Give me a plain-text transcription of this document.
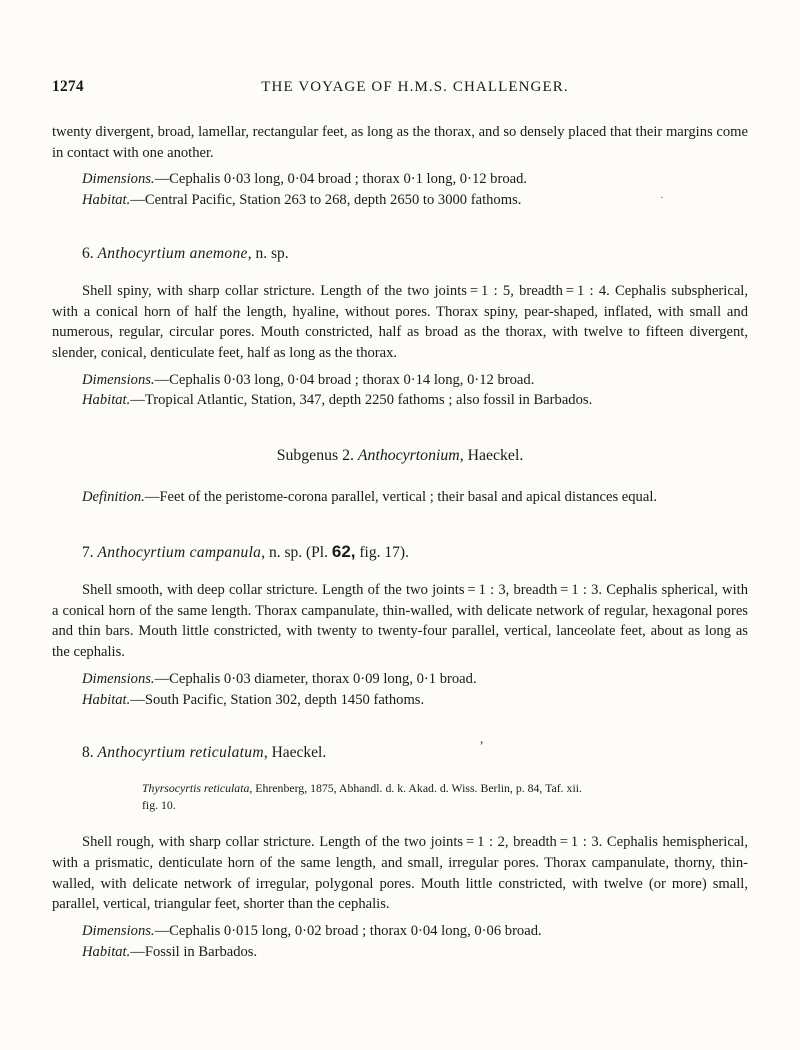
1274	THE VOYAGE OF H.M.S. CHALLENGER.

twenty divergent, broad, lamellar, rectangular feet, as long as the thorax, and so densely placed that their margins come in contact with one another.

Dimensions.—Cephalis 0·03 long, 0·04 broad ; thorax 0·1 long, 0·12 broad.

Habitat.—Central Pacific, Station 263 to 268, depth 2650 to 3000 fathoms.	·
6. Anthocyrtium anemone, n. sp.

Shell spiny, with sharp collar stricture. Length of the two joints = 1 : 5, breadth = 1 : 4. Cephalis subspherical, with a conical horn of half the length, hyaline, without pores. Thorax spiny, pear-shaped, inflated, with small and numerous, regular, circular pores. Mouth constricted, half as broad as the thorax, with twelve to fifteen divergent, slender, conical, denticulate feet, half as long as the thorax.

Dimensions.—Cephalis 0·03 long, 0·04 broad ; thorax 0·14 long, 0·12 broad.

Habitat.—Tropical Atlantic, Station, 347, depth 2250 fathoms ; also fossil in Barbados.

Subgenus 2. Anthocyrtonium, Haeckel.

Definition.—Feet of the peristome-corona parallel, vertical ; their basal and apical distances equal.

7. Anthocyrtium campanula, n. sp. (Pl. 62, fig. 17).

Shell smooth, with deep collar stricture. Length of the two joints = 1 : 3, breadth = 1 : 3. Cephalis spherical, with a conical horn of the same length. Thorax campanulate, thin-walled, with delicate network of regular, hexagonal pores and thin bars. Mouth little constricted, with twenty to twenty-four parallel, vertical, lanceolate feet, about as long as the cephalis.

Dimensions.—Cephalis 0·03 diameter, thorax 0·09 long, 0·1 broad.

Habitat.—South Pacific, Station 302, depth 1450 fathoms.

,
8. Anthocyrtium reticulatum, Haeckel.

Thyrsocyrtis reticulata, Ehrenberg, 1875, Abhandl. d. k. Akad. d. Wiss. Berlin, p. 84, Taf. xii.

fig. 10.

Shell rough, with sharp collar stricture. Length of the two joints = 1 : 2, breadth = 1 : 3. Cephalis hemispherical, with a prismatic, denticulate horn of the same length, and small, irregular pores. Thorax campanulate, thorny, thin-walled, with delicate network of irregular, polygonal pores. Mouth little constricted, with twelve (or more) small, parallel, vertical, triangular feet, shorter than the cephalis.

Dimensions.—Cephalis 0·015 long, 0·02 broad ; thorax 0·04 long, 0·06 broad.

Habitat.—Fossil in Barbados.
